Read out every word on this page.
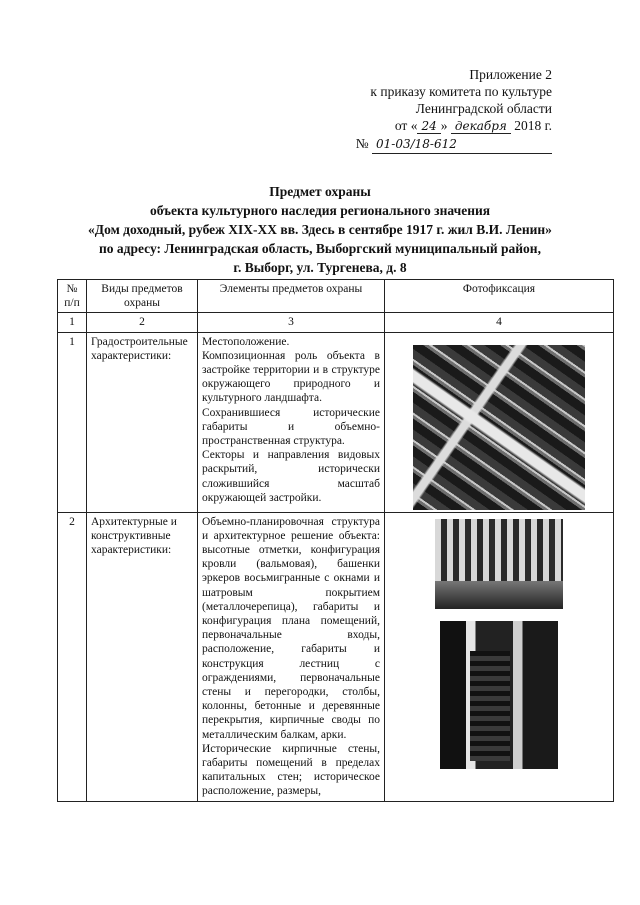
Приложение 2
к приказу комитета по культуре
Ленинградской области
от « 24 » декабря 2018 г.
№ 01-03/18-612
Предмет охраны
объекта культурного наследия регионального значения
«Дом доходный, рубеж XIX-XX вв. Здесь в сентябре 1917 г. жил В.И. Ленин»
по адресу: Ленинградская область, Выборгский муниципальный район,
г. Выборг, ул. Тургенева, д. 8
№ п/п	Виды предметов охраны	Элементы предметов охраны	Фотофиксация
1	2	3	4
1	Градостроительные характеристики:	Местоположение.
Композиционная роль объекта в застройке территории и в структуре окружающего природного и культурного ландшафта.
Сохранившиеся исторические габариты и объемно-пространственная структура.
Секторы и направления видовых раскрытий, исторически сложившийся масштаб окружающей застройки.	

2	Архитектурные и конструктивные характеристики:	Объемно-планировочная структура и архитектурное решение объекта: высотные отметки, конфигурация кровли (вальмовая), башенки эркеров восьмигранные с окнами и шатровым покрытием (металлочерепица), габариты и конфигурация плана помещений, первоначальные входы, расположение, габариты и конструкция лестниц с ограждениями, первоначальные стены и перегородки, столбы, колонны, бетонные и деревянные перекрытия, кирпичные своды по металлическим балкам, арки.
Исторические кирпичные стены, габариты помещений в пределах капитальных стен; историческое расположение, размеры,	
